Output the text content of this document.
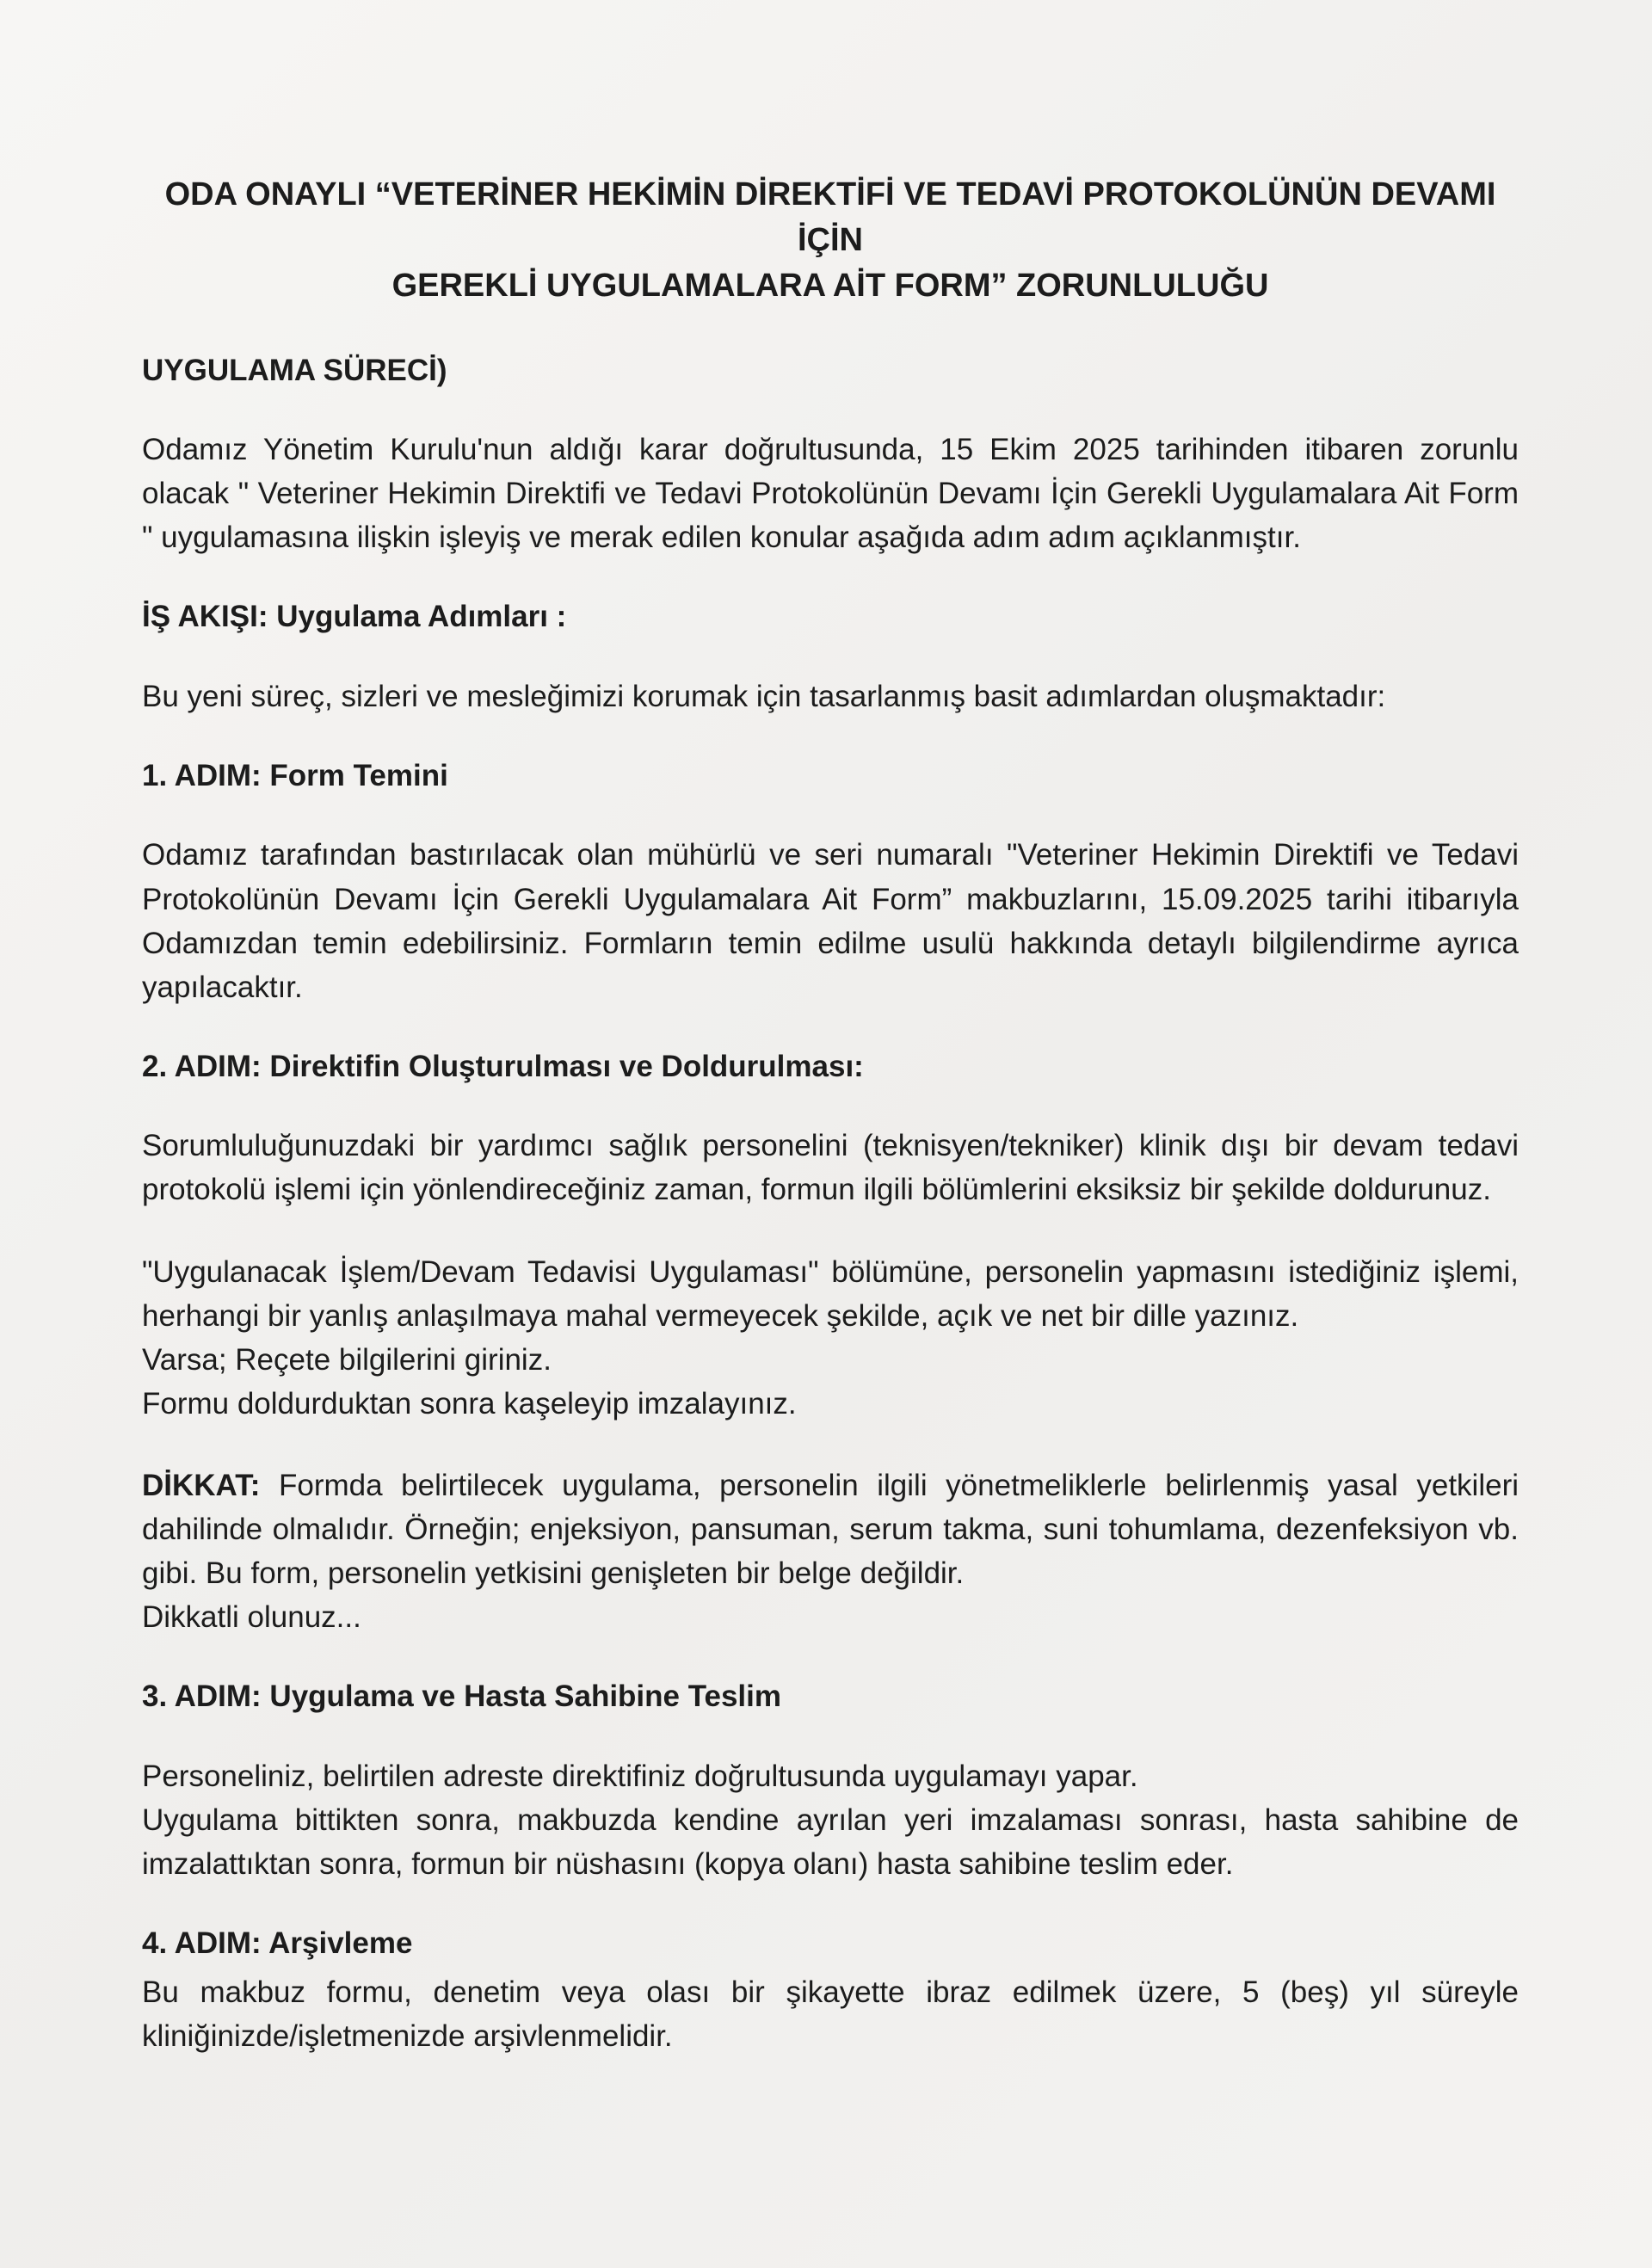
ODA ONAYLI “VETERİNER HEKİMİN DİREKTİFİ VE TEDAVİ PROTOKOLÜNÜN DEVAMI İÇİN
GEREKLİ UYGULAMALARA AİT FORM” ZORUNLULUĞU
UYGULAMA SÜRECİ)

Odamız Yönetim Kurulu'nun aldığı karar doğrultusunda, 15 Ekim 2025 tarihinden itibaren zorunlu olacak " Veteriner Hekimin Direktifi ve Tedavi Protokolünün Devamı İçin Gerekli Uygulamalara Ait Form " uygulamasına ilişkin işleyiş ve merak edilen konular aşağıda adım adım açıklanmıştır.

İŞ AKIŞI: Uygulama Adımları :

Bu yeni süreç, sizleri ve mesleğimizi korumak için tasarlanmış basit adımlardan oluşmaktadır:

1. ADIM: Form Temini

Odamız tarafından bastırılacak olan mühürlü ve seri numaralı "Veteriner Hekimin Direktifi ve Tedavi Protokolünün Devamı İçin Gerekli Uygulamalara Ait Form” makbuzlarını, 15.09.2025 tarihi itibarıyla Odamızdan temin edebilirsiniz. Formların temin edilme usulü hakkında detaylı bilgilendirme ayrıca yapılacaktır.

2. ADIM: Direktifin Oluşturulması ve Doldurulması:

Sorumluluğunuzdaki bir yardımcı sağlık personelini (teknisyen/tekniker) klinik dışı bir devam tedavi protokolü işlemi için yönlendireceğiniz zaman, formun ilgili bölümlerini eksiksiz bir şekilde doldurunuz.

"Uygulanacak İşlem/Devam Tedavisi Uygulaması" bölümüne, personelin yapmasını istediğiniz işlemi, herhangi bir yanlış anlaşılmaya mahal vermeyecek şekilde, açık ve net bir dille yazınız.
Varsa; Reçete bilgilerini giriniz.
Formu doldurduktan sonra kaşeleyip imzalayınız.
DİKKAT: Formda belirtilecek uygulama, personelin ilgili yönetmeliklerle belirlenmiş yasal yetkileri dahilinde olmalıdır. Örneğin; enjeksiyon, pansuman, serum takma, suni tohumlama, dezenfeksiyon vb. gibi. Bu form, personelin yetkisini genişleten bir belge değildir.
Dikkatli olunuz...
3. ADIM: Uygulama ve Hasta Sahibine Teslim
Personeliniz, belirtilen adreste direktifiniz doğrultusunda uygulamayı yapar.
Uygulama bittikten sonra, makbuzda kendine ayrılan yeri imzalaması sonrası, hasta sahibine de imzalattıktan sonra, formun bir nüshasını (kopya olanı) hasta sahibine teslim eder.
4. ADIM: Arşivleme

Bu makbuz formu, denetim veya olası bir şikayette ibraz edilmek üzere, 5 (beş) yıl süreyle kliniğinizde/işletmenizde arşivlenmelidir.
